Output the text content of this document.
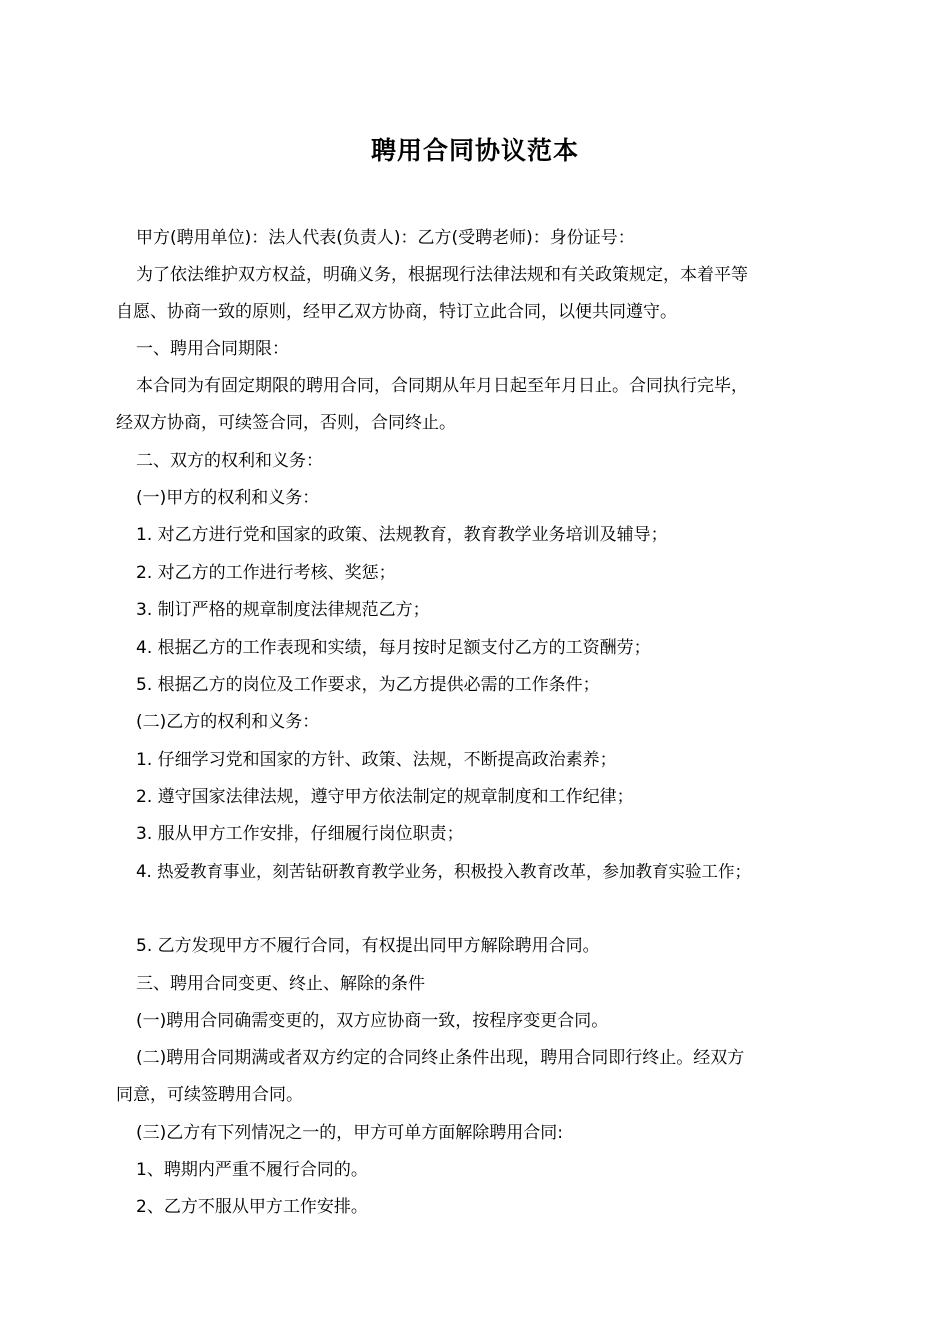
聘用合同协议范本
甲方(聘用单位)：法人代表(负责人)：乙方(受聘老师)：身份证号：
为了依法维护双方权益，明确义务，根据现行法律法规和有关政策规定，本着平等
自愿、协商一致的原则，经甲乙双方协商，特订立此合同，以便共同遵守。
一、聘用合同期限：
本合同为有固定期限的聘用合同，合同期从年月日起至年月日止。合同执行完毕，
经双方协商，可续签合同，否则，合同终止。
二、双方的权利和义务：
(一)甲方的权利和义务：
1. 对乙方进行党和国家的政策、法规教育，教育教学业务培训及辅导；
2. 对乙方的工作进行考核、奖惩；
3. 制订严格的规章制度法律规范乙方；
4. 根据乙方的工作表现和实绩，每月按时足额支付乙方的工资酬劳；
5. 根据乙方的岗位及工作要求，为乙方提供必需的工作条件；
(二)乙方的权利和义务：
1. 仔细学习党和国家的方针、政策、法规，不断提高政治素养；
2. 遵守国家法律法规，遵守甲方依法制定的规章制度和工作纪律；
3. 服从甲方工作安排，仔细履行岗位职责；
4. 热爱教育事业，刻苦钻研教育教学业务，积极投入教育改革，参加教育实验工作；
5. 乙方发现甲方不履行合同，有权提出同甲方解除聘用合同。
三、聘用合同变更、终止、解除的条件
(一)聘用合同确需变更的，双方应协商一致，按程序变更合同。
(二)聘用合同期满或者双方约定的合同终止条件出现，聘用合同即行终止。经双方
同意，可续签聘用合同。
(三)乙方有下列情况之一的，甲方可单方面解除聘用合同:
1、聘期内严重不履行合同的。
2、乙方不服从甲方工作安排。
